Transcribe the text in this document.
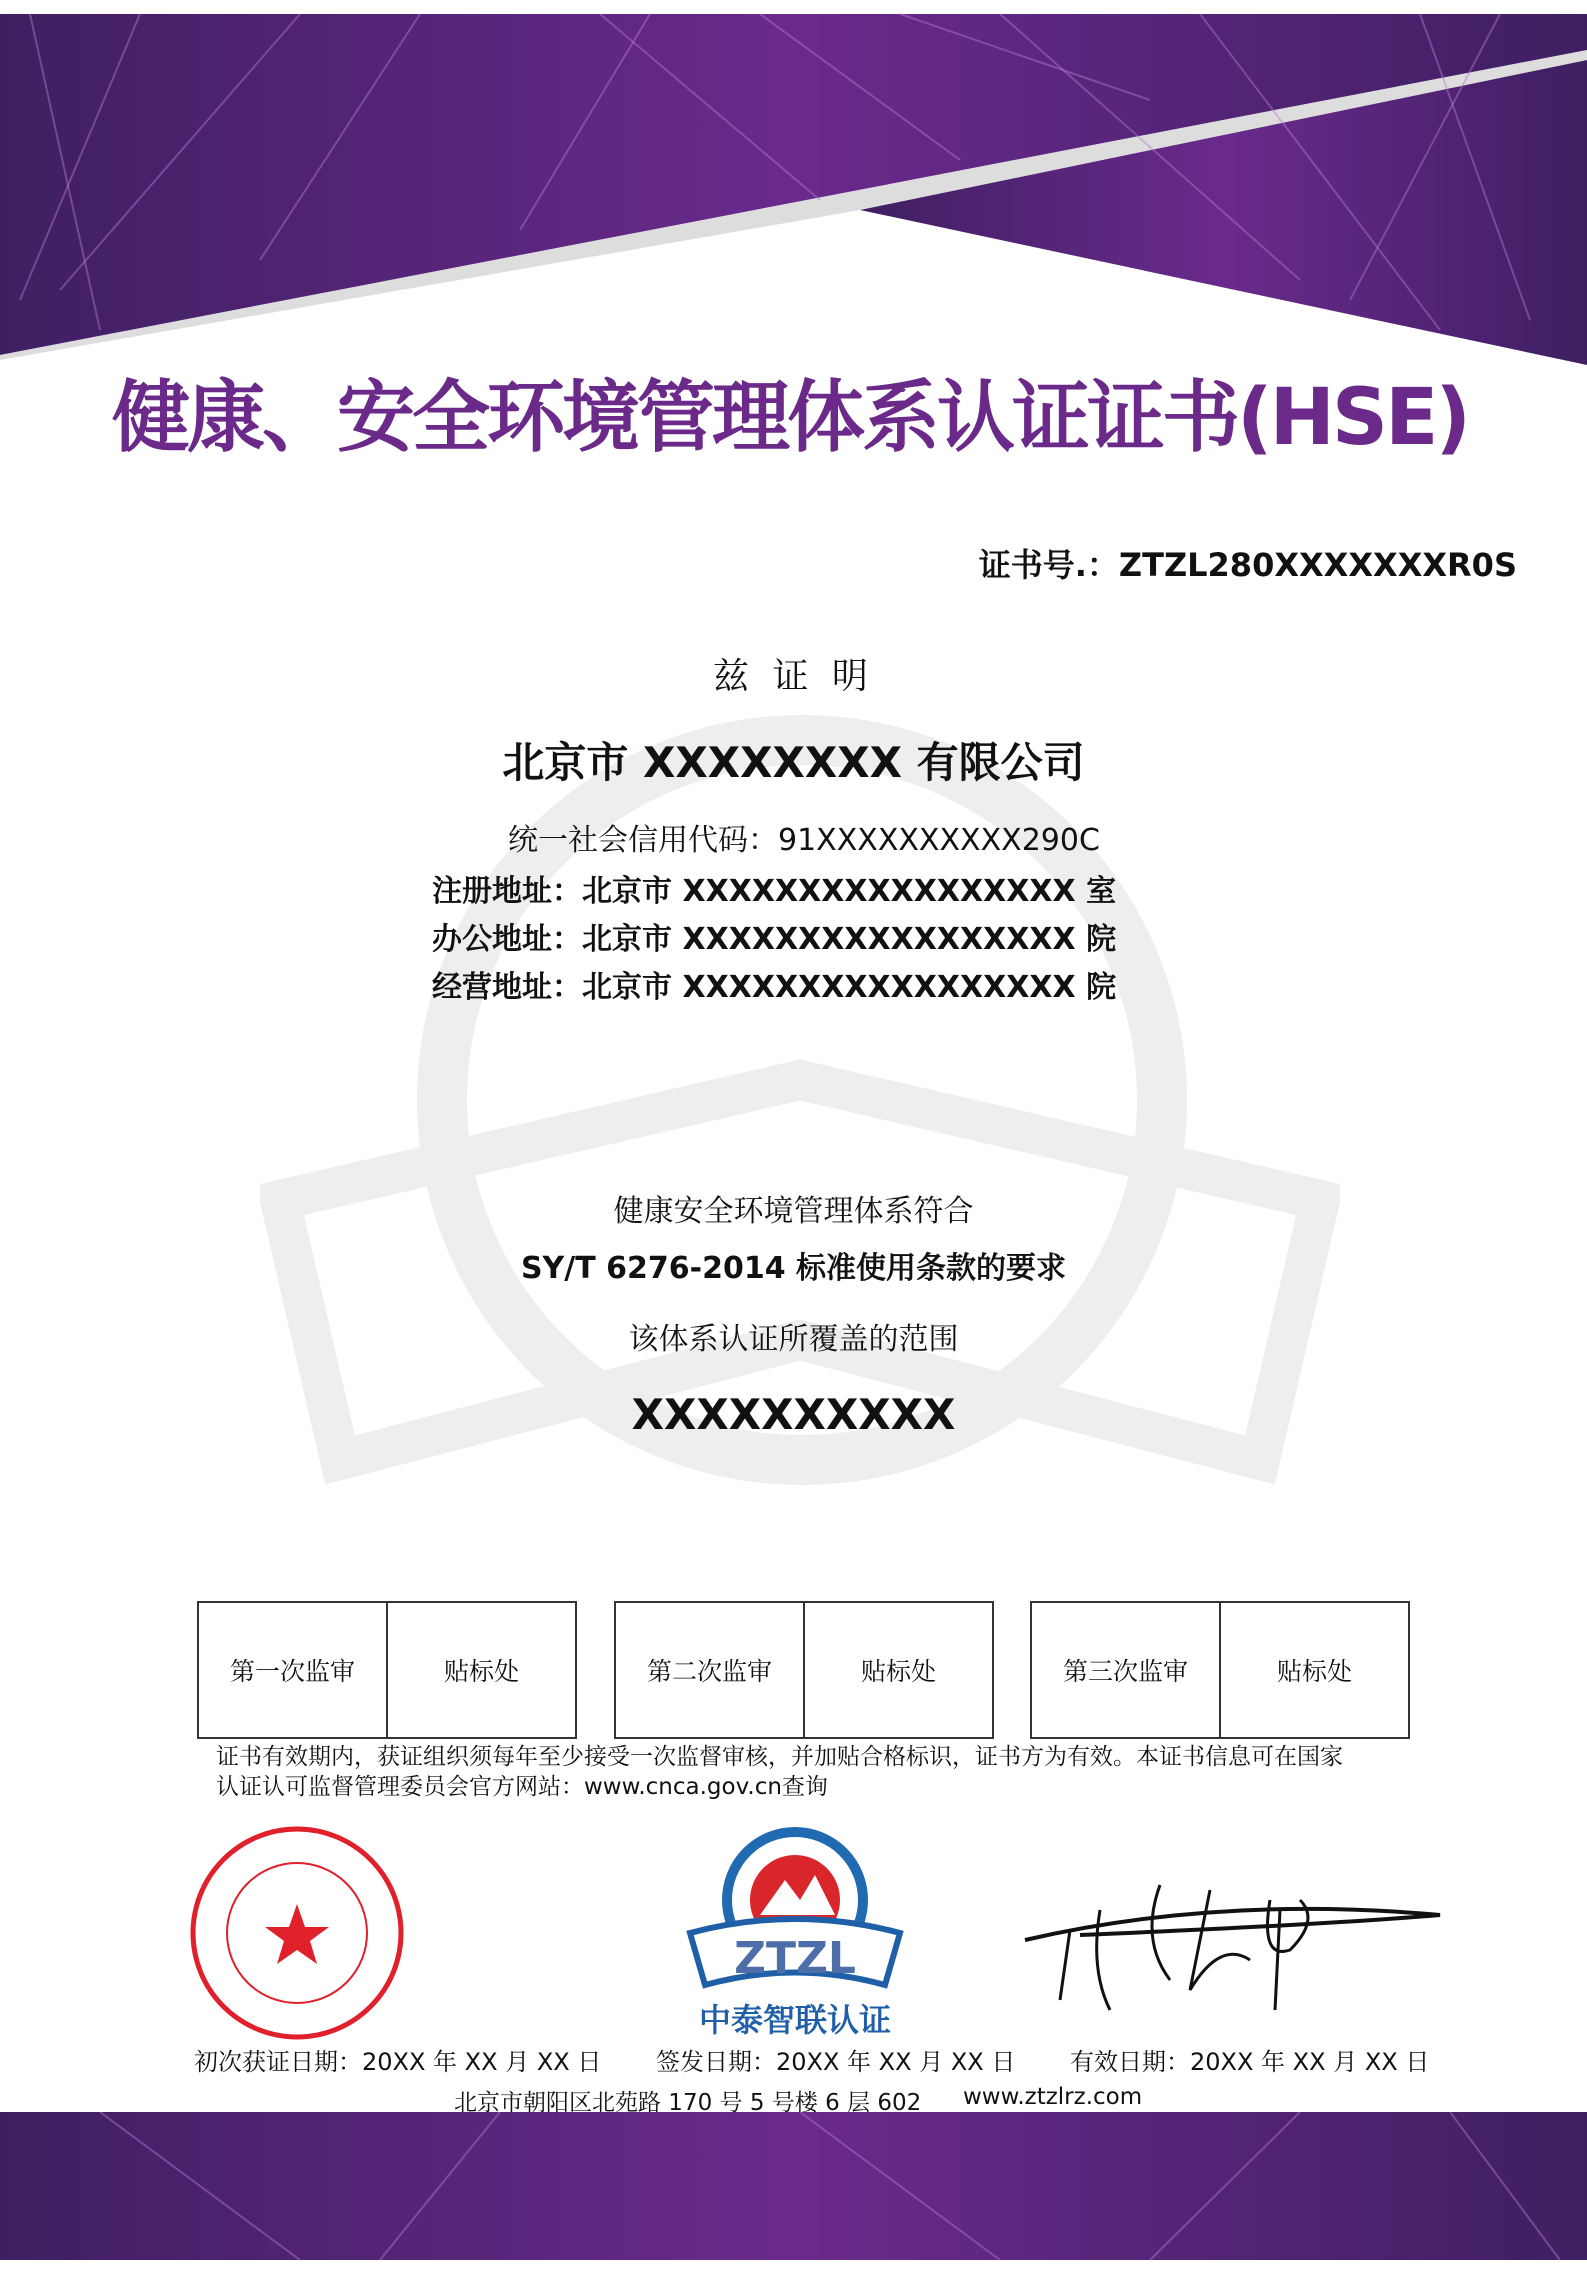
健康、安全环境管理体系认证证书(HSE)
证书号.：ZTZL280XXXXXXXR0S
兹 证 明
北京市 XXXXXXXX 有限公司
统一社会信用代码：91XXXXXXXXXX290C
注册地址：北京市 XXXXXXXXXXXXXXXXX 室
办公地址：北京市 XXXXXXXXXXXXXXXXX 院
经营地址：北京市 XXXXXXXXXXXXXXXXX 院
健康安全环境管理体系符合
SY/T 6276-2014 标准使用条款的要求
该体系认证所覆盖的范围
XXXXXXXXXX
第一次监审	贴标处	第二次监审	贴标处	第三次监审	贴标处
证书有效期内，获证组织须每年至少接受一次监督审核，并加贴合格标识，证书方为有效。本证书信息可在国家
认证认可监督管理委员会官方网站：www.cnca.gov.cn查询
ZTZL
中泰智联认证
初次获证日期：20XX 年 XX 月 XX 日 签发日期：20XX 年 XX 月 XX 日 有效日期：20XX 年 XX 月 XX 日
北京市朝阳区北苑路 170 号 5 号楼 6 层 602 www.ztzlrz.com
